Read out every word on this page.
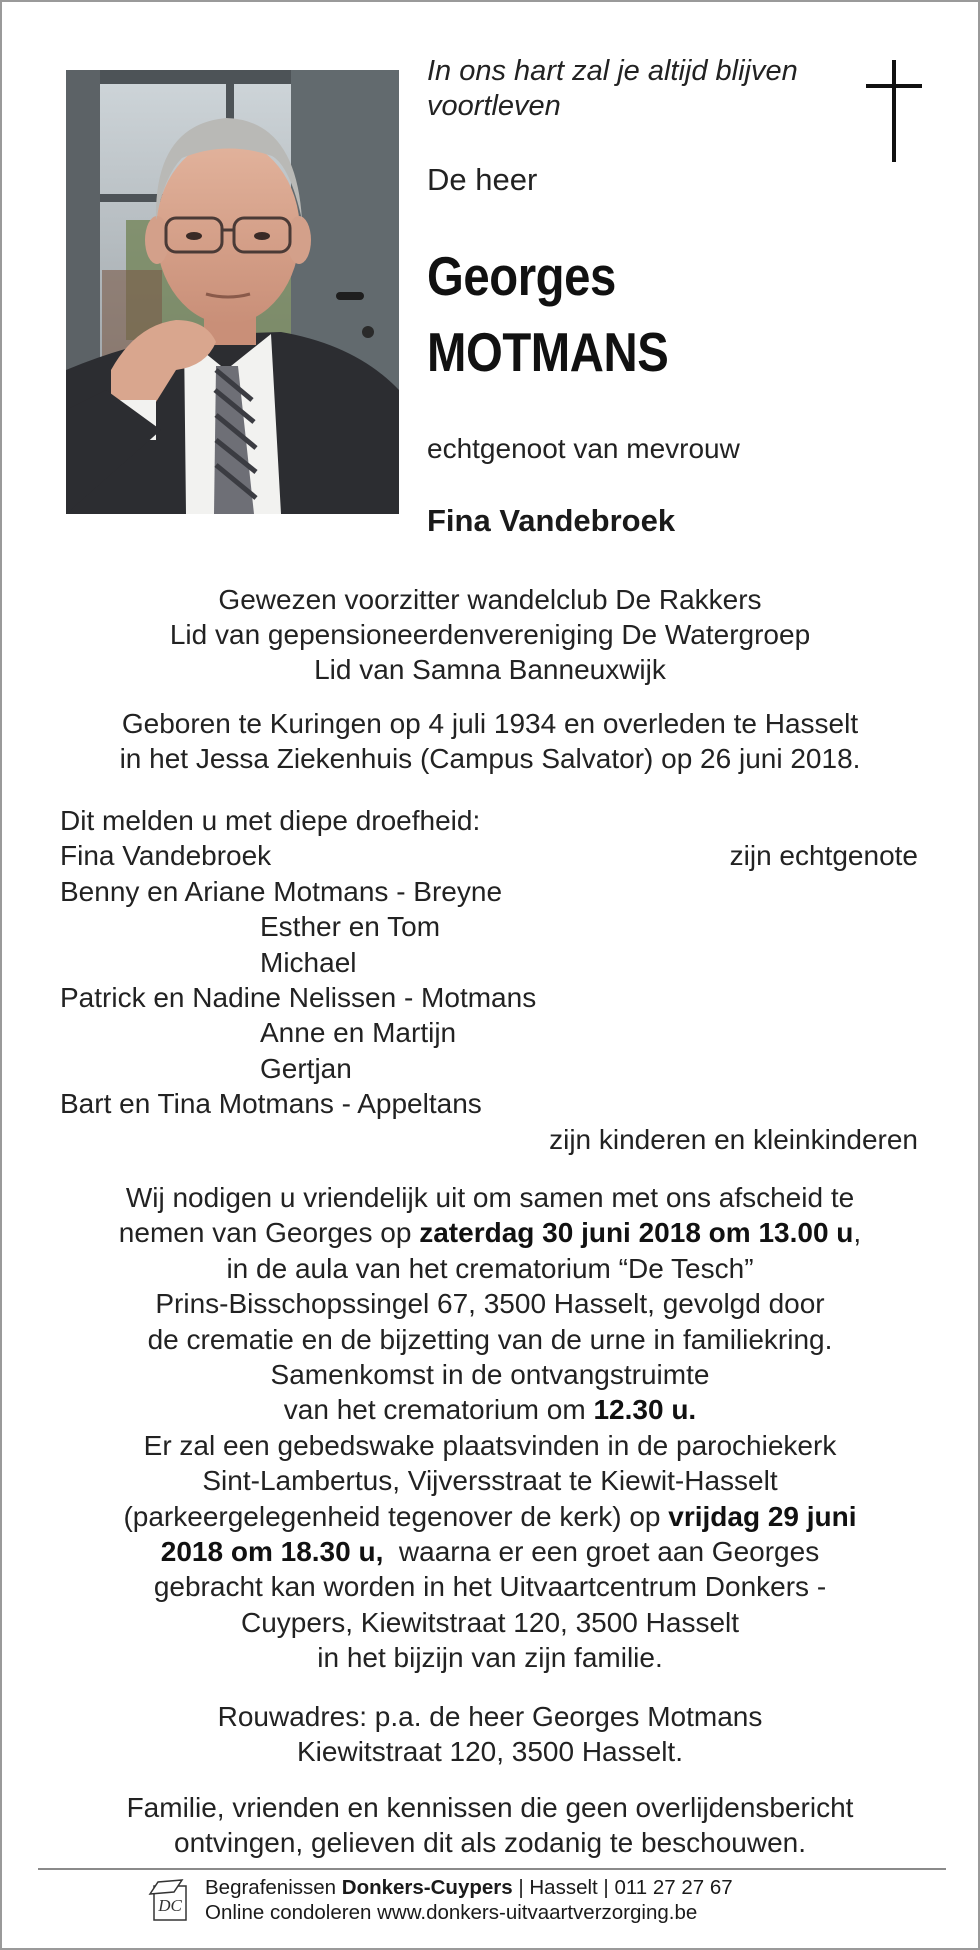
In ons hart zal je altijd blijven
voortleven
De heer
Georges
MOTMANS
echtgenoot van mevrouw
Fina Vandebroek
Gewezen voorzitter wandelclub De Rakkers
Lid van gepensioneerdenvereniging De Watergroep
Lid van Samna Banneuxwijk
Geboren te Kuringen op 4 juli 1934 en overleden te Hasselt
in het Jessa Ziekenhuis (Campus Salvator) op 26 juni 2018.
Dit melden u met diepe droefheid:
Fina Vandebroek	zijn echtgenote
Benny en Ariane Motmans - Breyne
Esther en Tom
Michael
Patrick en Nadine Nelissen - Motmans
Anne en Martijn
Gertjan
Bart en Tina Motmans - Appeltans
zijn kinderen en kleinkinderen
Wij nodigen u vriendelijk uit om samen met ons afscheid te
nemen van Georges op zaterdag 30 juni 2018 om 13.00 u,
in de aula van het crematorium “De Tesch”
Prins-Bisschopssingel 67, 3500 Hasselt, gevolgd door
de crematie en de bijzetting van de urne in familiekring.
Samenkomst in de ontvangstruimte
van het crematorium om 12.30 u.
Er zal een gebedswake plaatsvinden in de parochiekerk
Sint-Lambertus, Vijversstraat te Kiewit-Hasselt
(parkeergelegenheid tegenover de kerk) op vrijdag 29 juni
2018 om 18.30 u,  waarna er een groet aan Georges
gebracht kan worden in het Uitvaartcentrum Donkers -
Cuypers, Kiewitstraat 120, 3500 Hasselt
in het bijzijn van zijn familie.
Rouwadres: p.a. de heer Georges Motmans
Kiewitstraat 120, 3500 Hasselt.
Familie, vrienden en kennissen die geen overlijdensbericht
ontvingen, gelieven dit als zodanig te beschouwen.
DC
Begrafenissen Donkers-Cuypers | Hasselt | 011 27 27 67
Online condoleren www.donkers-uitvaartverzorging.be
